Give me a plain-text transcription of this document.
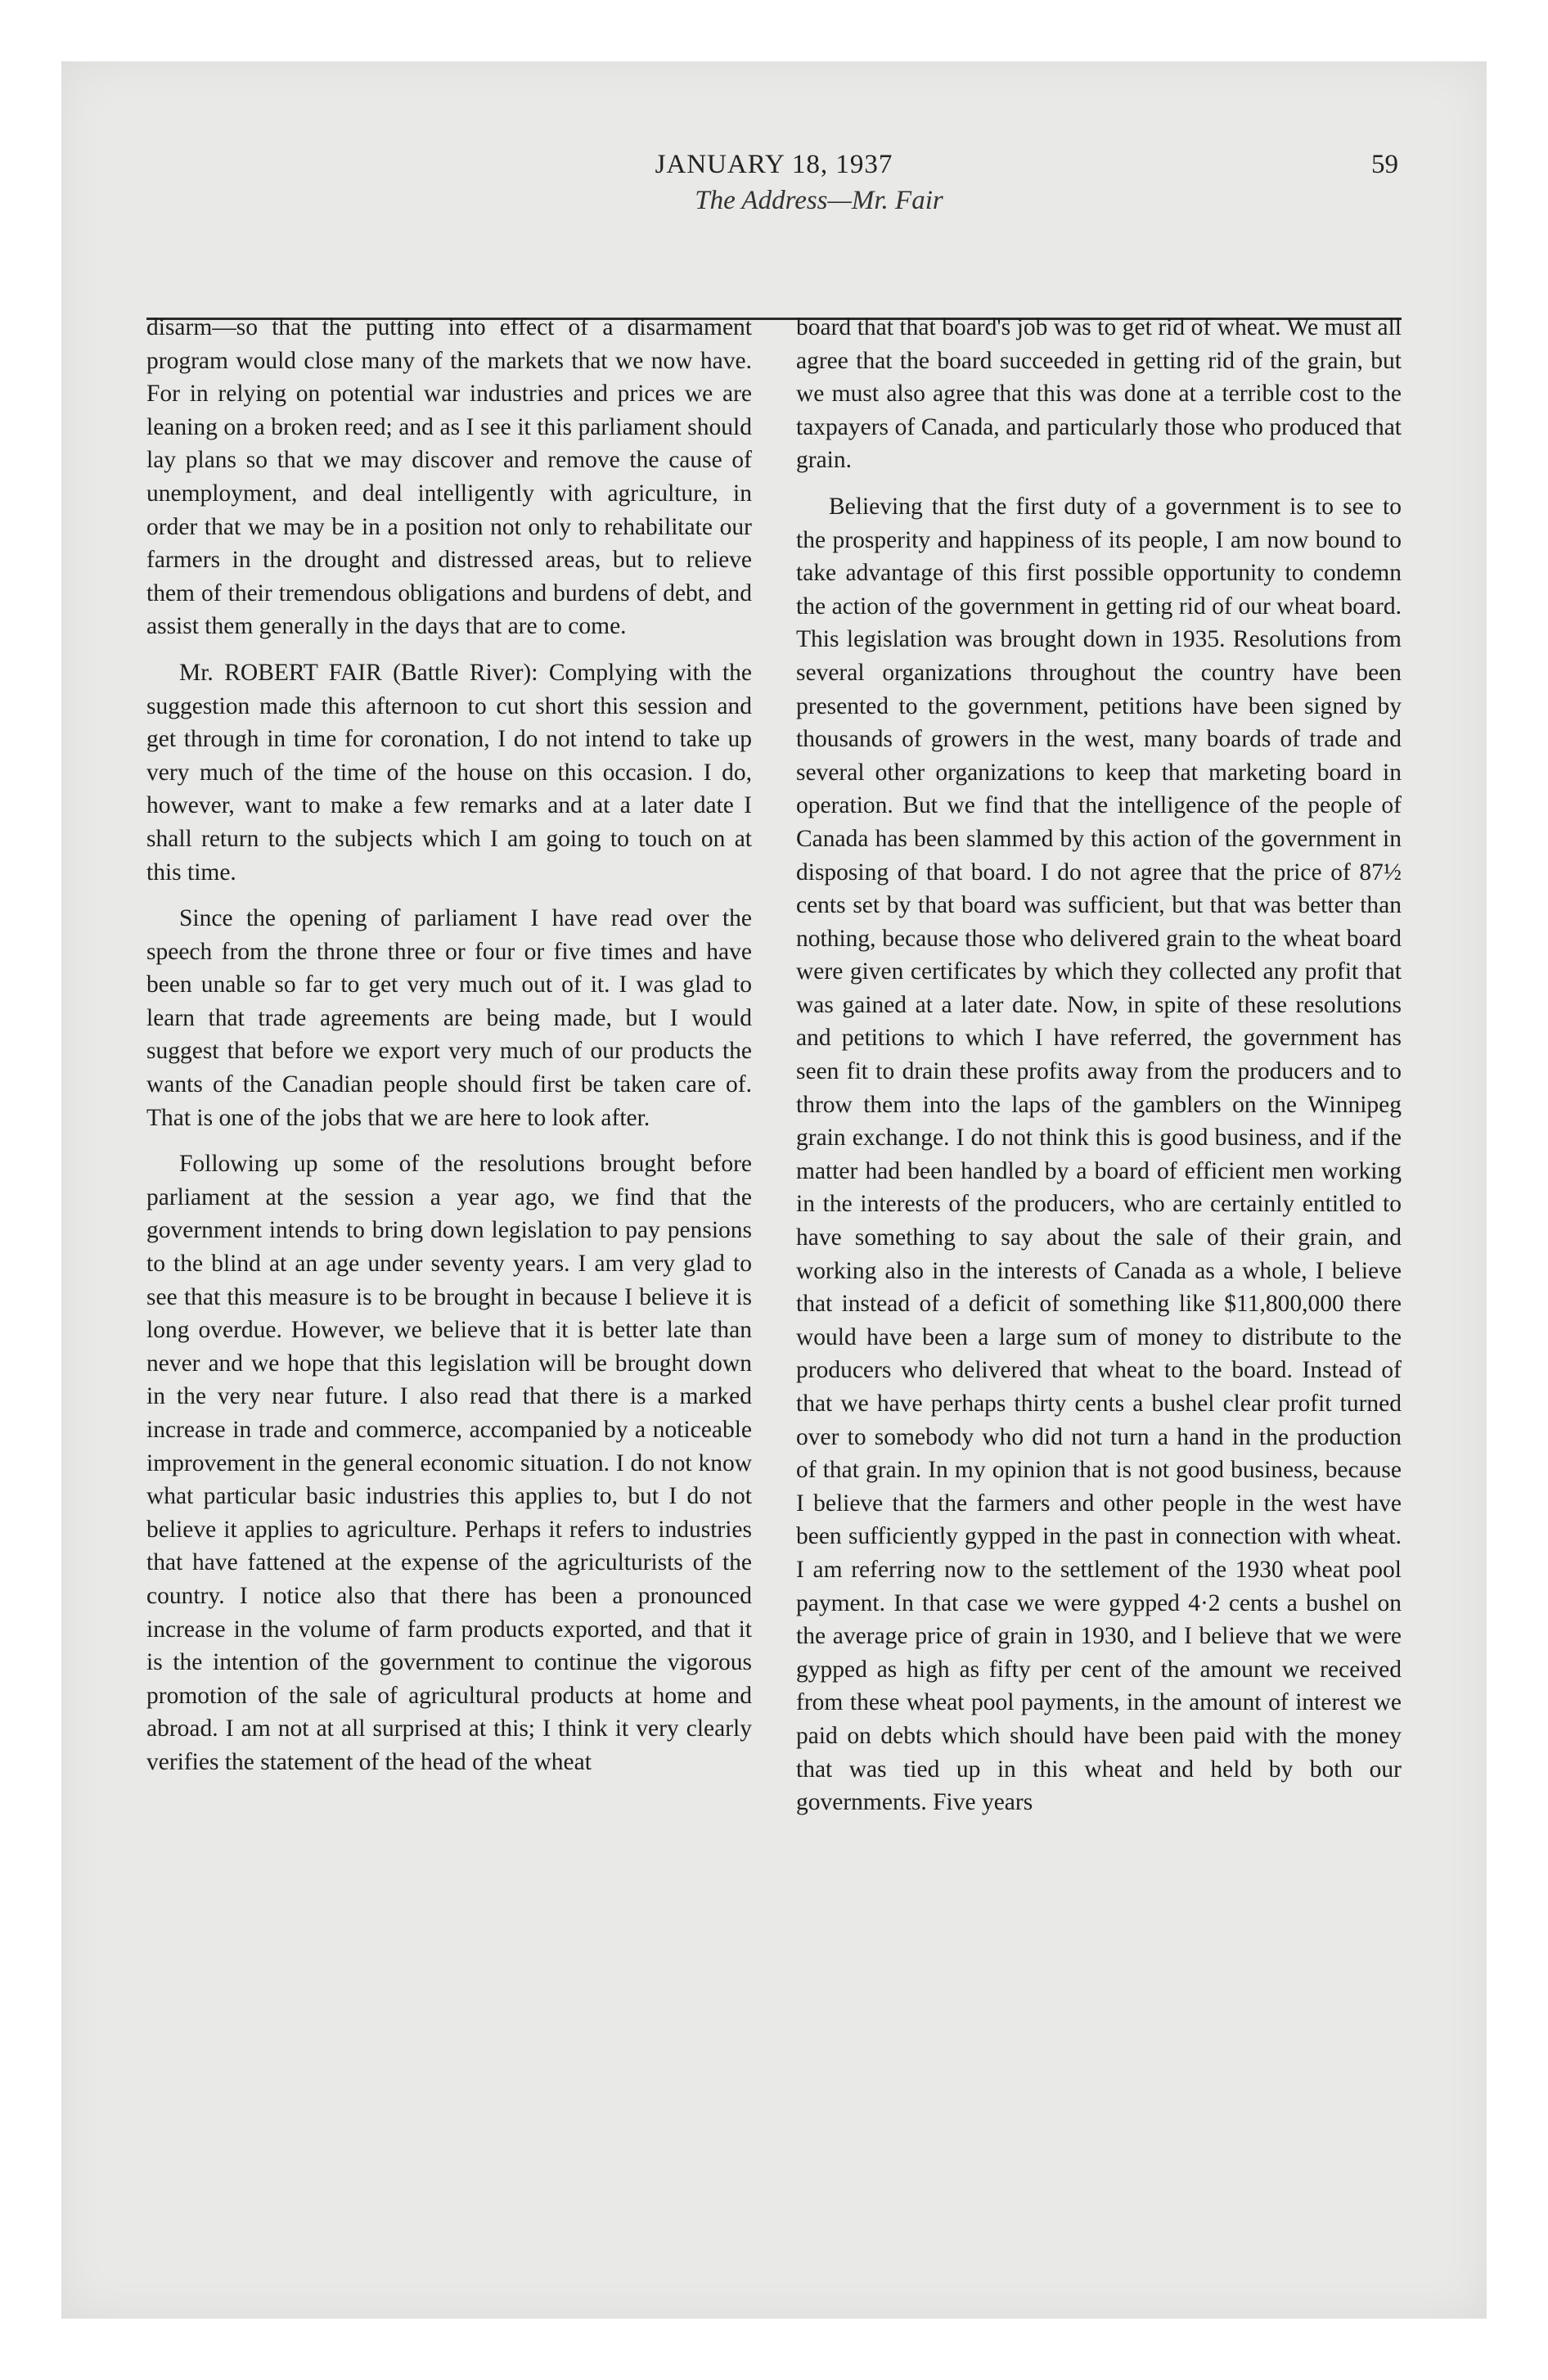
JANUARY 18, 1937	59
The Address—Mr. Fair

disarm—so that the putting into effect of a disarmament program would close many of the markets that we now have. For in relying on potential war industries and prices we are leaning on a broken reed; and as I see it this parliament should lay plans so that we may discover and remove the cause of unemployment, and deal intelligently with agriculture, in order that we may be in a position not only to rehabilitate our farmers in the drought and distressed areas, but to relieve them of their tremendous obligations and burdens of debt, and assist them generally in the days that are to come.

Mr. ROBERT FAIR (Battle River): Complying with the suggestion made this afternoon to cut short this session and get through in time for coronation, I do not intend to take up very much of the time of the house on this occasion. I do, however, want to make a few remarks and at a later date I shall return to the subjects which I am going to touch on at this time.

Since the opening of parliament I have read over the speech from the throne three or four or five times and have been unable so far to get very much out of it. I was glad to learn that trade agreements are being made, but I would suggest that before we export very much of our products the wants of the Canadian people should first be taken care of. That is one of the jobs that we are here to look after.

Following up some of the resolutions brought before parliament at the session a year ago, we find that the government intends to bring down legislation to pay pensions to the blind at an age under seventy years. I am very glad to see that this measure is to be brought in because I believe it is long overdue. However, we believe that it is better late than never and we hope that this legislation will be brought down in the very near future. I also read that there is a marked increase in trade and commerce, accompanied by a noticeable improvement in the general economic situation. I do not know what particular basic industries this applies to, but I do not believe it applies to agriculture. Perhaps it refers to industries that have fattened at the expense of the agriculturists of the country. I notice also that there has been a pronounced increase in the volume of farm products exported, and that it is the intention of the government to continue the vigorous promotion of the sale of agricultural products at home and abroad. I am not at all surprised at this; I think it very clearly verifies the statement of the head of the wheat

board that that board's job was to get rid of wheat. We must all agree that the board succeeded in getting rid of the grain, but we must also agree that this was done at a terrible cost to the taxpayers of Canada, and particularly those who produced that grain.

Believing that the first duty of a government is to see to the prosperity and happiness of its people, I am now bound to take advantage of this first possible opportunity to condemn the action of the government in getting rid of our wheat board. This legislation was brought down in 1935. Resolutions from several organizations throughout the country have been presented to the government, petitions have been signed by thousands of growers in the west, many boards of trade and several other organizations to keep that marketing board in operation. But we find that the intelligence of the people of Canada has been slammed by this action of the government in disposing of that board. I do not agree that the price of 87½ cents set by that board was sufficient, but that was better than nothing, because those who delivered grain to the wheat board were given certificates by which they collected any profit that was gained at a later date. Now, in spite of these resolutions and petitions to which I have referred, the government has seen fit to drain these profits away from the producers and to throw them into the laps of the gamblers on the Winnipeg grain exchange. I do not think this is good business, and if the matter had been handled by a board of efficient men working in the interests of the producers, who are certainly entitled to have something to say about the sale of their grain, and working also in the interests of Canada as a whole, I believe that instead of a deficit of something like $11,800,000 there would have been a large sum of money to distribute to the producers who delivered that wheat to the board. Instead of that we have perhaps thirty cents a bushel clear profit turned over to somebody who did not turn a hand in the production of that grain. In my opinion that is not good business, because I believe that the farmers and other people in the west have been sufficiently gypped in the past in connection with wheat. I am referring now to the settlement of the 1930 wheat pool payment. In that case we were gypped 4·2 cents a bushel on the average price of grain in 1930, and I believe that we were gypped as high as fifty per cent of the amount we received from these wheat pool payments, in the amount of interest we paid on debts which should have been paid with the money that was tied up in this wheat and held by both our governments. Five years
